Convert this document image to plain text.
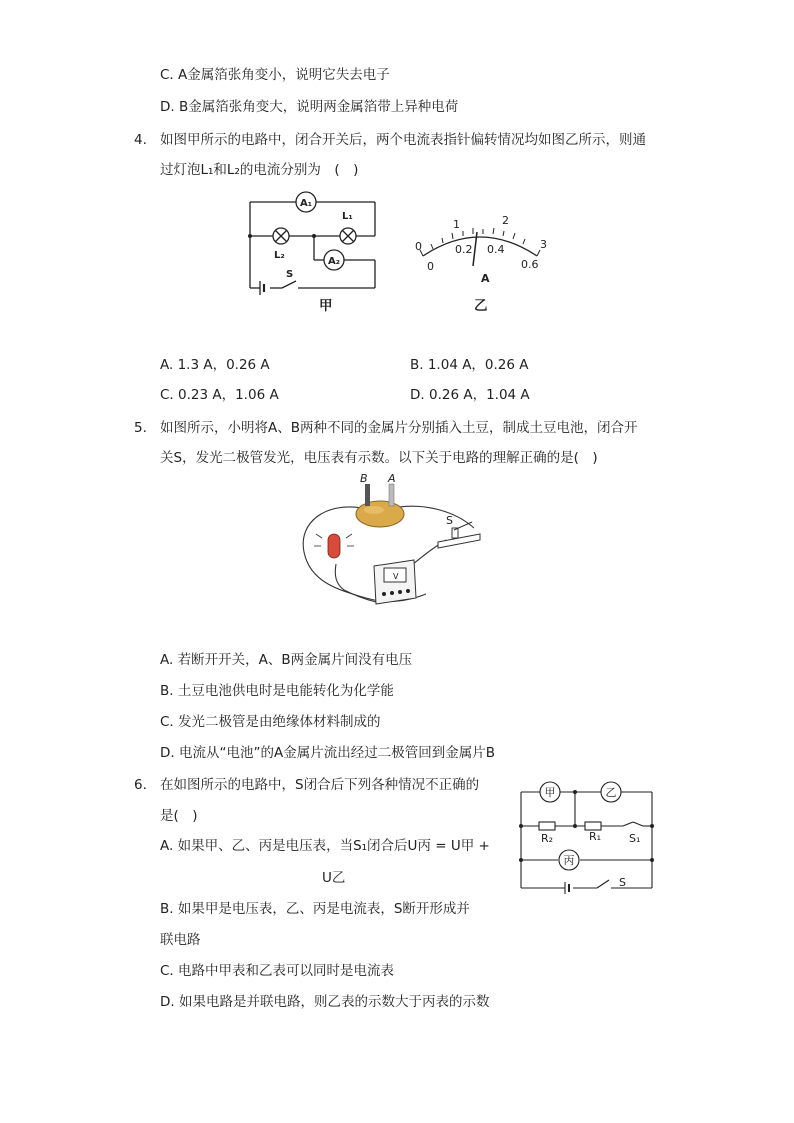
C. A金属箔张角变小，说明它失去电子
D. B金属箔张角变大，说明两金属箔带上异种电荷
4. 如图甲所示的电路中，闭合开关后，两个电流表指针偏转情况均如图乙所示，则通
过灯泡L₁和L₂的电流分别为　(　)
A₁
A₂
L₁
L₂
S
甲
0
1	2
3
0
0.2 0.4
0.6
A
乙
A. 1.3 A，0.26 A	B. 1.04 A，0.26 A
C. 0.23 A，1.06 A	D. 0.26 A，1.04 A
5. 如图所示，小明将A、B两种不同的金属片分别插入土豆，制成土豆电池，闭合开
关S，发光二极管发光，电压表有示数。以下关于电路的理解正确的是(　)
V
B A
S
A. 若断开开关，A、B两金属片间没有电压
B. 土豆电池供电时是电能转化为化学能
C. 发光二极管是由绝缘体材料制成的
D. 电流从“电池”的A金属片流出经过二极管回到金属片B
6. 在如图所示的电路中，S闭合后下列各种情况不正确的
是(　)
甲	乙
丙
R₂	R₁	S₁
S
A. 如果甲、乙、丙是电压表，当S₁闭合后U丙 = U甲 +
U乙
B. 如果甲是电压表，乙、丙是电流表，S断开形成并
联电路
C. 电路中甲表和乙表可以同时是电流表
D. 如果电路是并联电路，则乙表的示数大于丙表的示数
